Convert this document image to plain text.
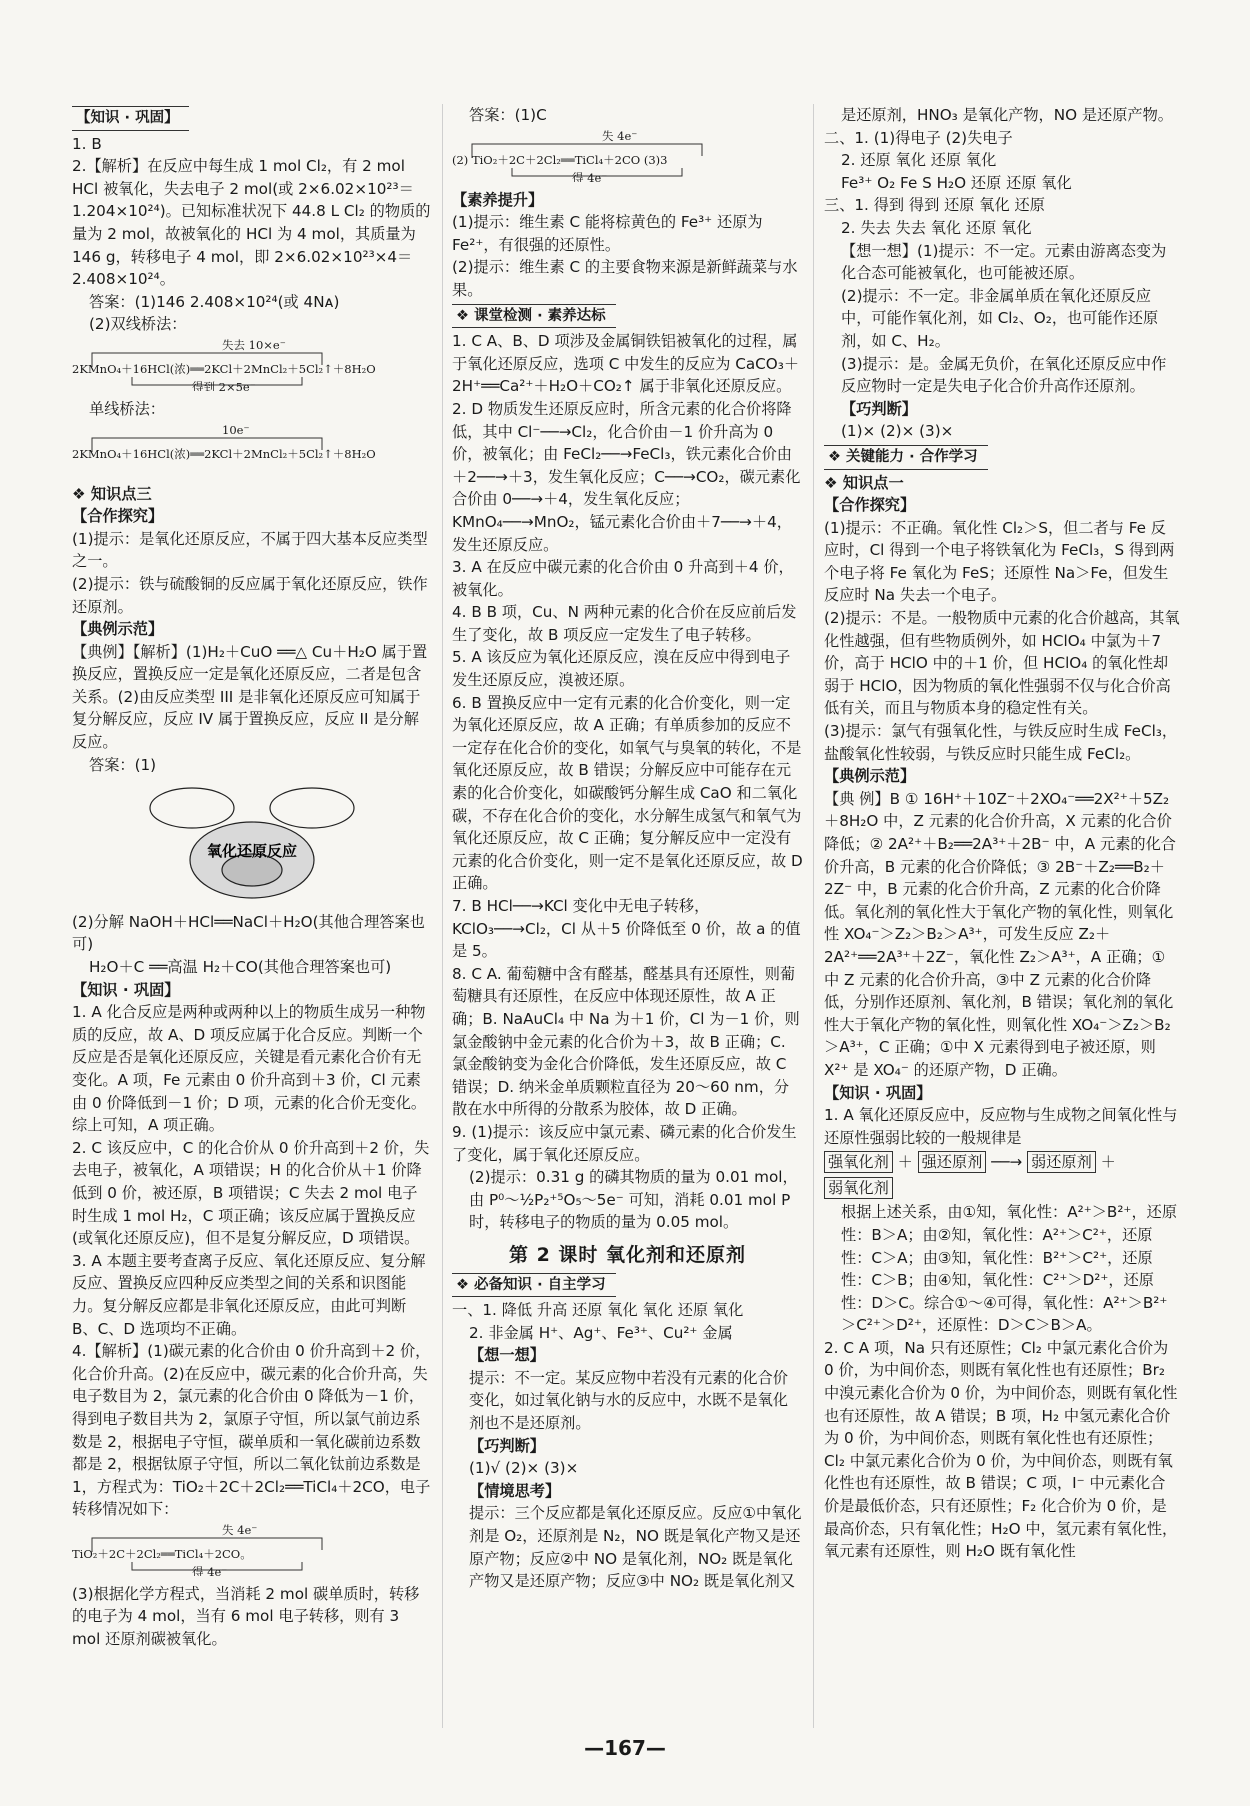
【知识 · 巩固】

1. B

2.【解析】在反应中每生成 1 mol Cl₂，有 2 mol HCl 被氧化，失去电子 2 mol(或 2×6.02×10²³＝1.204×10²⁴)。已知标准状况下 44.8 L Cl₂ 的物质的量为 2 mol，故被氧化的 HCl 为 4 mol，其质量为 146 g，转移电子 4 mol，即 2×6.02×10²³×4＝2.408×10²⁴。

答案：(1)146 2.408×10²⁴(或 4Nᴀ)

(2)双线桥法：

失去 10×e⁻
2KMnO₄＋16HCl(浓)══2KCl＋2MnCl₂＋5Cl₂↑＋8H₂O
得到 2×5e⁻

单线桥法：

10e⁻
2KMnO₄＋16HCl(浓)══2KCl＋2MnCl₂＋5Cl₂↑＋8H₂O

❖ 知识点三

【合作探究】

(1)提示：是氧化还原反应，不属于四大基本反应类型之一。

(2)提示：铁与硫酸铜的反应属于氧化还原反应，铁作还原剂。

【典例示范】

【典例】【解析】(1)H₂＋CuO ══△ Cu＋H₂O 属于置换反应，置换反应一定是氧化还原反应，二者是包含关系。(2)由反应类型 III 是非氧化还原反应可知属于复分解反应，反应 IV 属于置换反应，反应 II 是分解反应。

答案：(1)

氧化还原反应

(2)分解 NaOH＋HCl══NaCl＋H₂O(其他合理答案也可)

H₂O＋C ══高温 H₂＋CO(其他合理答案也可)

【知识 · 巩固】

1. A 化合反应是两种或两种以上的物质生成另一种物质的反应，故 A、D 项反应属于化合反应。判断一个反应是否是氧化还原反应，关键是看元素化合价有无变化。A 项，Fe 元素由 0 价升高到＋3 价，Cl 元素由 0 价降低到－1 价；D 项，元素的化合价无变化。综上可知，A 项正确。

2. C 该反应中，C 的化合价从 0 价升高到＋2 价，失去电子，被氧化，A 项错误；H 的化合价从＋1 价降低到 0 价，被还原，B 项错误；C 失去 2 mol 电子时生成 1 mol H₂，C 项正确；该反应属于置换反应(或氧化还原反应)，但不是复分解反应，D 项错误。

3. A 本题主要考查离子反应、氧化还原反应、复分解反应、置换反应四种反应类型之间的关系和识图能力。复分解反应都是非氧化还原反应，由此可判断 B、C、D 选项均不正确。

4.【解析】(1)碳元素的化合价由 0 价升高到＋2 价，化合价升高。(2)在反应中，碳元素的化合价升高，失电子数目为 2，氯元素的化合价由 0 降低为－1 价，得到电子数目共为 2，氯原子守恒，所以氯气前边系数是 2，根据电子守恒，碳单质和一氧化碳前边系数都是 2，根据钛原子守恒，所以二氧化钛前边系数是 1，方程式为：TiO₂＋2C＋2Cl₂══TiCl₄＋2CO，电子转移情况如下：

失 4e⁻
TiO₂＋2C＋2Cl₂══TiCl₄＋2CO。
得 4e⁻

(3)根据化学方程式，当消耗 2 mol 碳单质时，转移的电子为 4 mol，当有 6 mol 电子转移，则有 3 mol 还原剂碳被氧化。

答案：(1)C

失 4e⁻
(2) TiO₂＋2C＋2Cl₂══TiCl₄＋2CO (3)3
得 4e⁻

【素养提升】

(1)提示：维生素 C 能将棕黄色的 Fe³⁺ 还原为 Fe²⁺，有很强的还原性。

(2)提示：维生素 C 的主要食物来源是新鲜蔬菜与水果。

❖ 课堂检测 · 素养达标

1. C A、B、D 项涉及金属铜铁铝被氧化的过程，属于氧化还原反应，选项 C 中发生的反应为 CaCO₃＋2H⁺══Ca²⁺＋H₂O＋CO₂↑ 属于非氧化还原反应。

2. D 物质发生还原反应时，所含元素的化合价将降低，其中 Cl⁻──→Cl₂，化合价由－1 价升高为 0 价，被氧化；由 FeCl₂──→FeCl₃，铁元素化合价由＋2──→＋3，发生氧化反应；C──→CO₂，碳元素化合价由 0──→＋4，发生氧化反应；KMnO₄──→MnO₂，锰元素化合价由＋7──→＋4，发生还原反应。

3. A 在反应中碳元素的化合价由 0 升高到＋4 价，被氧化。

4. B B 项，Cu、N 两种元素的化合价在反应前后发生了变化，故 B 项反应一定发生了电子转移。

5. A 该反应为氧化还原反应，溴在反应中得到电子发生还原反应，溴被还原。

6. B 置换反应中一定有元素的化合价变化，则一定为氧化还原反应，故 A 正确；有单质参加的反应不一定存在化合价的变化，如氧气与臭氧的转化，不是氧化还原反应，故 B 错误；分解反应中可能存在元素的化合价变化，如碳酸钙分解生成 CaO 和二氧化碳，不存在化合价的变化，水分解生成氢气和氧气为氧化还原反应，故 C 正确；复分解反应中一定没有元素的化合价变化，则一定不是氧化还原反应，故 D 正确。

7. B HCl──→KCl 变化中无电子转移，KClO₃──→Cl₂，Cl 从＋5 价降低至 0 价，故 a 的值是 5。

8. C A. 葡萄糖中含有醛基，醛基具有还原性，则葡萄糖具有还原性，在反应中体现还原性，故 A 正确；B. NaAuCl₄ 中 Na 为＋1 价，Cl 为－1 价，则氯金酸钠中金元素的化合价为＋3，故 B 正确；C. 氯金酸钠变为金化合价降低，发生还原反应，故 C 错误；D. 纳米金单质颗粒直径为 20～60 nm，分散在水中所得的分散系为胶体，故 D 正确。

9. (1)提示：该反应中氯元素、磷元素的化合价发生了变化，属于氧化还原反应。

(2)提示：0.31 g 的磷其物质的量为 0.01 mol，由 P⁰～½P₂⁺⁵O₅～5e⁻ 可知，消耗 0.01 mol P 时，转移电子的物质的量为 0.05 mol。

第 2 课时 氧化剂和还原剂
❖ 必备知识 · 自主学习

一、1. 降低 升高 还原 氧化 氧化 还原 氧化

2. 非金属 H⁺、Ag⁺、Fe³⁺、Cu²⁺ 金属

【想一想】

提示：不一定。某反应物中若没有元素的化合价变化，如过氧化钠与水的反应中，水既不是氧化剂也不是还原剂。

【巧判断】

(1)√ (2)× (3)×

【情境思考】

提示：三个反应都是氧化还原反应。反应①中氧化剂是 O₂，还原剂是 N₂，NO 既是氧化产物又是还原产物；反应②中 NO 是氧化剂，NO₂ 既是氧化产物又是还原产物；反应③中 NO₂ 既是氧化剂又

是还原剂，HNO₃ 是氧化产物，NO 是还原产物。

二、1. (1)得电子 (2)失电子

2. 还原 氧化 还原 氧化

Fe³⁺ O₂ Fe S H₂O 还原 还原 氧化

三、1. 得到 得到 还原 氧化 还原

2. 失去 失去 氧化 还原 氧化

【想一想】(1)提示：不一定。元素由游离态变为化合态可能被氧化，也可能被还原。

(2)提示：不一定。非金属单质在氧化还原反应中，可能作氧化剂，如 Cl₂、O₂，也可能作还原剂，如 C、H₂。

(3)提示：是。金属无负价，在氧化还原反应中作反应物时一定是失电子化合价升高作还原剂。

【巧判断】

(1)× (2)× (3)×

❖ 关键能力 · 合作学习

❖ 知识点一

【合作探究】

(1)提示：不正确。氧化性 Cl₂＞S，但二者与 Fe 反应时，Cl 得到一个电子将铁氧化为 FeCl₃，S 得到两个电子将 Fe 氧化为 FeS；还原性 Na＞Fe，但发生反应时 Na 失去一个电子。

(2)提示：不是。一般物质中元素的化合价越高，其氧化性越强，但有些物质例外，如 HClO₄ 中氯为＋7 价，高于 HClO 中的＋1 价，但 HClO₄ 的氧化性却弱于 HClO，因为物质的氧化性强弱不仅与化合价高低有关，而且与物质本身的稳定性有关。

(3)提示：氯气有强氧化性，与铁反应时生成 FeCl₃，盐酸氧化性较弱，与铁反应时只能生成 FeCl₂。

【典例示范】

【典 例】B ① 16H⁺＋10Z⁻＋2XO₄⁻══2X²⁺＋5Z₂＋8H₂O 中，Z 元素的化合价升高，X 元素的化合价降低；② 2A²⁺＋B₂══2A³⁺＋2B⁻ 中，A 元素的化合价升高，B 元素的化合价降低；③ 2B⁻＋Z₂══B₂＋2Z⁻ 中，B 元素的化合价升高，Z 元素的化合价降低。氧化剂的氧化性大于氧化产物的氧化性，则氧化性 XO₄⁻＞Z₂＞B₂＞A³⁺，可发生反应 Z₂＋2A²⁺══2A³⁺＋2Z⁻，氧化性 Z₂＞A³⁺，A 正确；①中 Z 元素的化合价升高，③中 Z 元素的化合价降低，分别作还原剂、氧化剂，B 错误；氧化剂的氧化性大于氧化产物的氧化性，则氧化性 XO₄⁻＞Z₂＞B₂＞A³⁺，C 正确；①中 X 元素得到电子被还原，则 X²⁺ 是 XO₄⁻ 的还原产物，D 正确。

【知识 · 巩固】

1. A 氧化还原反应中，反应物与生成物之间氧化性与还原性强弱比较的一般规律是

强氧化剂 ＋ 强还原剂 ──→ 弱还原剂 ＋ 弱氧化剂

根据上述关系，由①知，氧化性：A²⁺＞B²⁺，还原性：B＞A；由②知，氧化性：A²⁺＞C²⁺，还原性：C＞A；由③知，氧化性：B²⁺＞C²⁺，还原性：C＞B；由④知，氧化性：C²⁺＞D²⁺，还原性：D＞C。综合①～④可得，氧化性：A²⁺＞B²⁺＞C²⁺＞D²⁺，还原性：D＞C＞B＞A。

2. C A 项，Na 只有还原性；Cl₂ 中氯元素化合价为 0 价，为中间价态，则既有氧化性也有还原性；Br₂ 中溴元素化合价为 0 价，为中间价态，则既有氧化性也有还原性，故 A 错误；B 项，H₂ 中氢元素化合价为 0 价，为中间价态，则既有氧化性也有还原性；Cl₂ 中氯元素化合价为 0 价，为中间价态，则既有氧化性也有还原性，故 B 错误；C 项，I⁻ 中元素化合价是最低价态，只有还原性；F₂ 化合价为 0 价，是最高价态，只有氧化性；H₂O 中，氢元素有氧化性，氧元素有还原性，则 H₂O 既有氧化性

—167—
